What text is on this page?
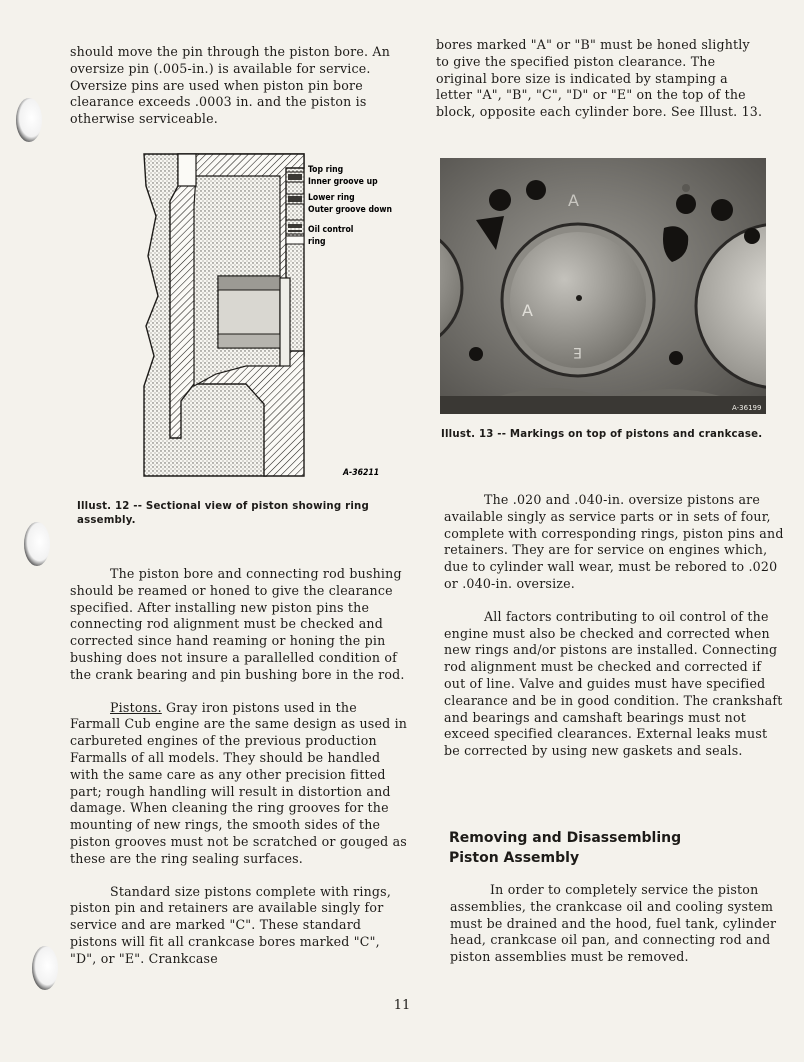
should move the pin through the piston bore. An oversize pin (.005-in.) is available for service. Oversize pins are used when piston pin bore clearance exceeds .0003 in. and the piston is otherwise serviceable.

Top ring
Inner groove up
Lower ring
Outer groove down
Oil control
ring
A-36211
Illust. 12 -- Sectional view of piston showing ring assembly.

The piston bore and connecting rod bushing should be reamed or honed to give the clearance specified. After installing new piston pins the connecting rod alignment must be checked and corrected since hand reaming or honing the pin bushing does not insure a parallelled condition of the crank bearing and pin bushing bore in the rod.

Pistons. Gray iron pistons used in the Farmall Cub engine are the same design as used in carbureted engines of the previous production Farmalls of all models. They should be handled with the same care as any other precision fitted part; rough handling will result in distortion and damage. When cleaning the ring grooves for the mounting of new rings, the smooth sides of the piston grooves must not be scratched or gouged as these are the ring sealing surfaces.

Standard size pistons complete with rings, piston pin and retainers are available singly for service and are marked "C". These standard pistons will fit all crankcase bores marked "C", "D", or "E". Crankcase

bores marked "A" or "B" must be honed slightly to give the specified piston clearance. The original bore size is indicated by stamping a letter "A", "B", "C", "D" or "E" on the top of the block, opposite each cylinder bore. See Illust. 13.

A
A
E
A-36199
Illust. 13 -- Markings on top of pistons and crankcase.

The .020 and .040-in. oversize pistons are available singly as service parts or in sets of four, complete with corresponding rings, piston pins and retainers. They are for service on engines which, due to cylinder wall wear, must be rebored to .020 or .040-in. oversize.

All factors contributing to oil control of the engine must also be checked and corrected when new rings and/or pistons are installed. Connecting rod alignment must be checked and corrected if out of line. Valve and guides must have specified clearance and be in good condition. The crankshaft and bearings and camshaft bearings must not exceed specified clearances. External leaks must be corrected by using new gaskets and seals.

Removing and Disassembling
Piston Assembly

In order to completely service the piston assemblies, the crankcase oil and cooling system must be drained and the hood, fuel tank, cylinder head, crankcase oil pan, and connecting rod and piston assemblies must be removed.

11
